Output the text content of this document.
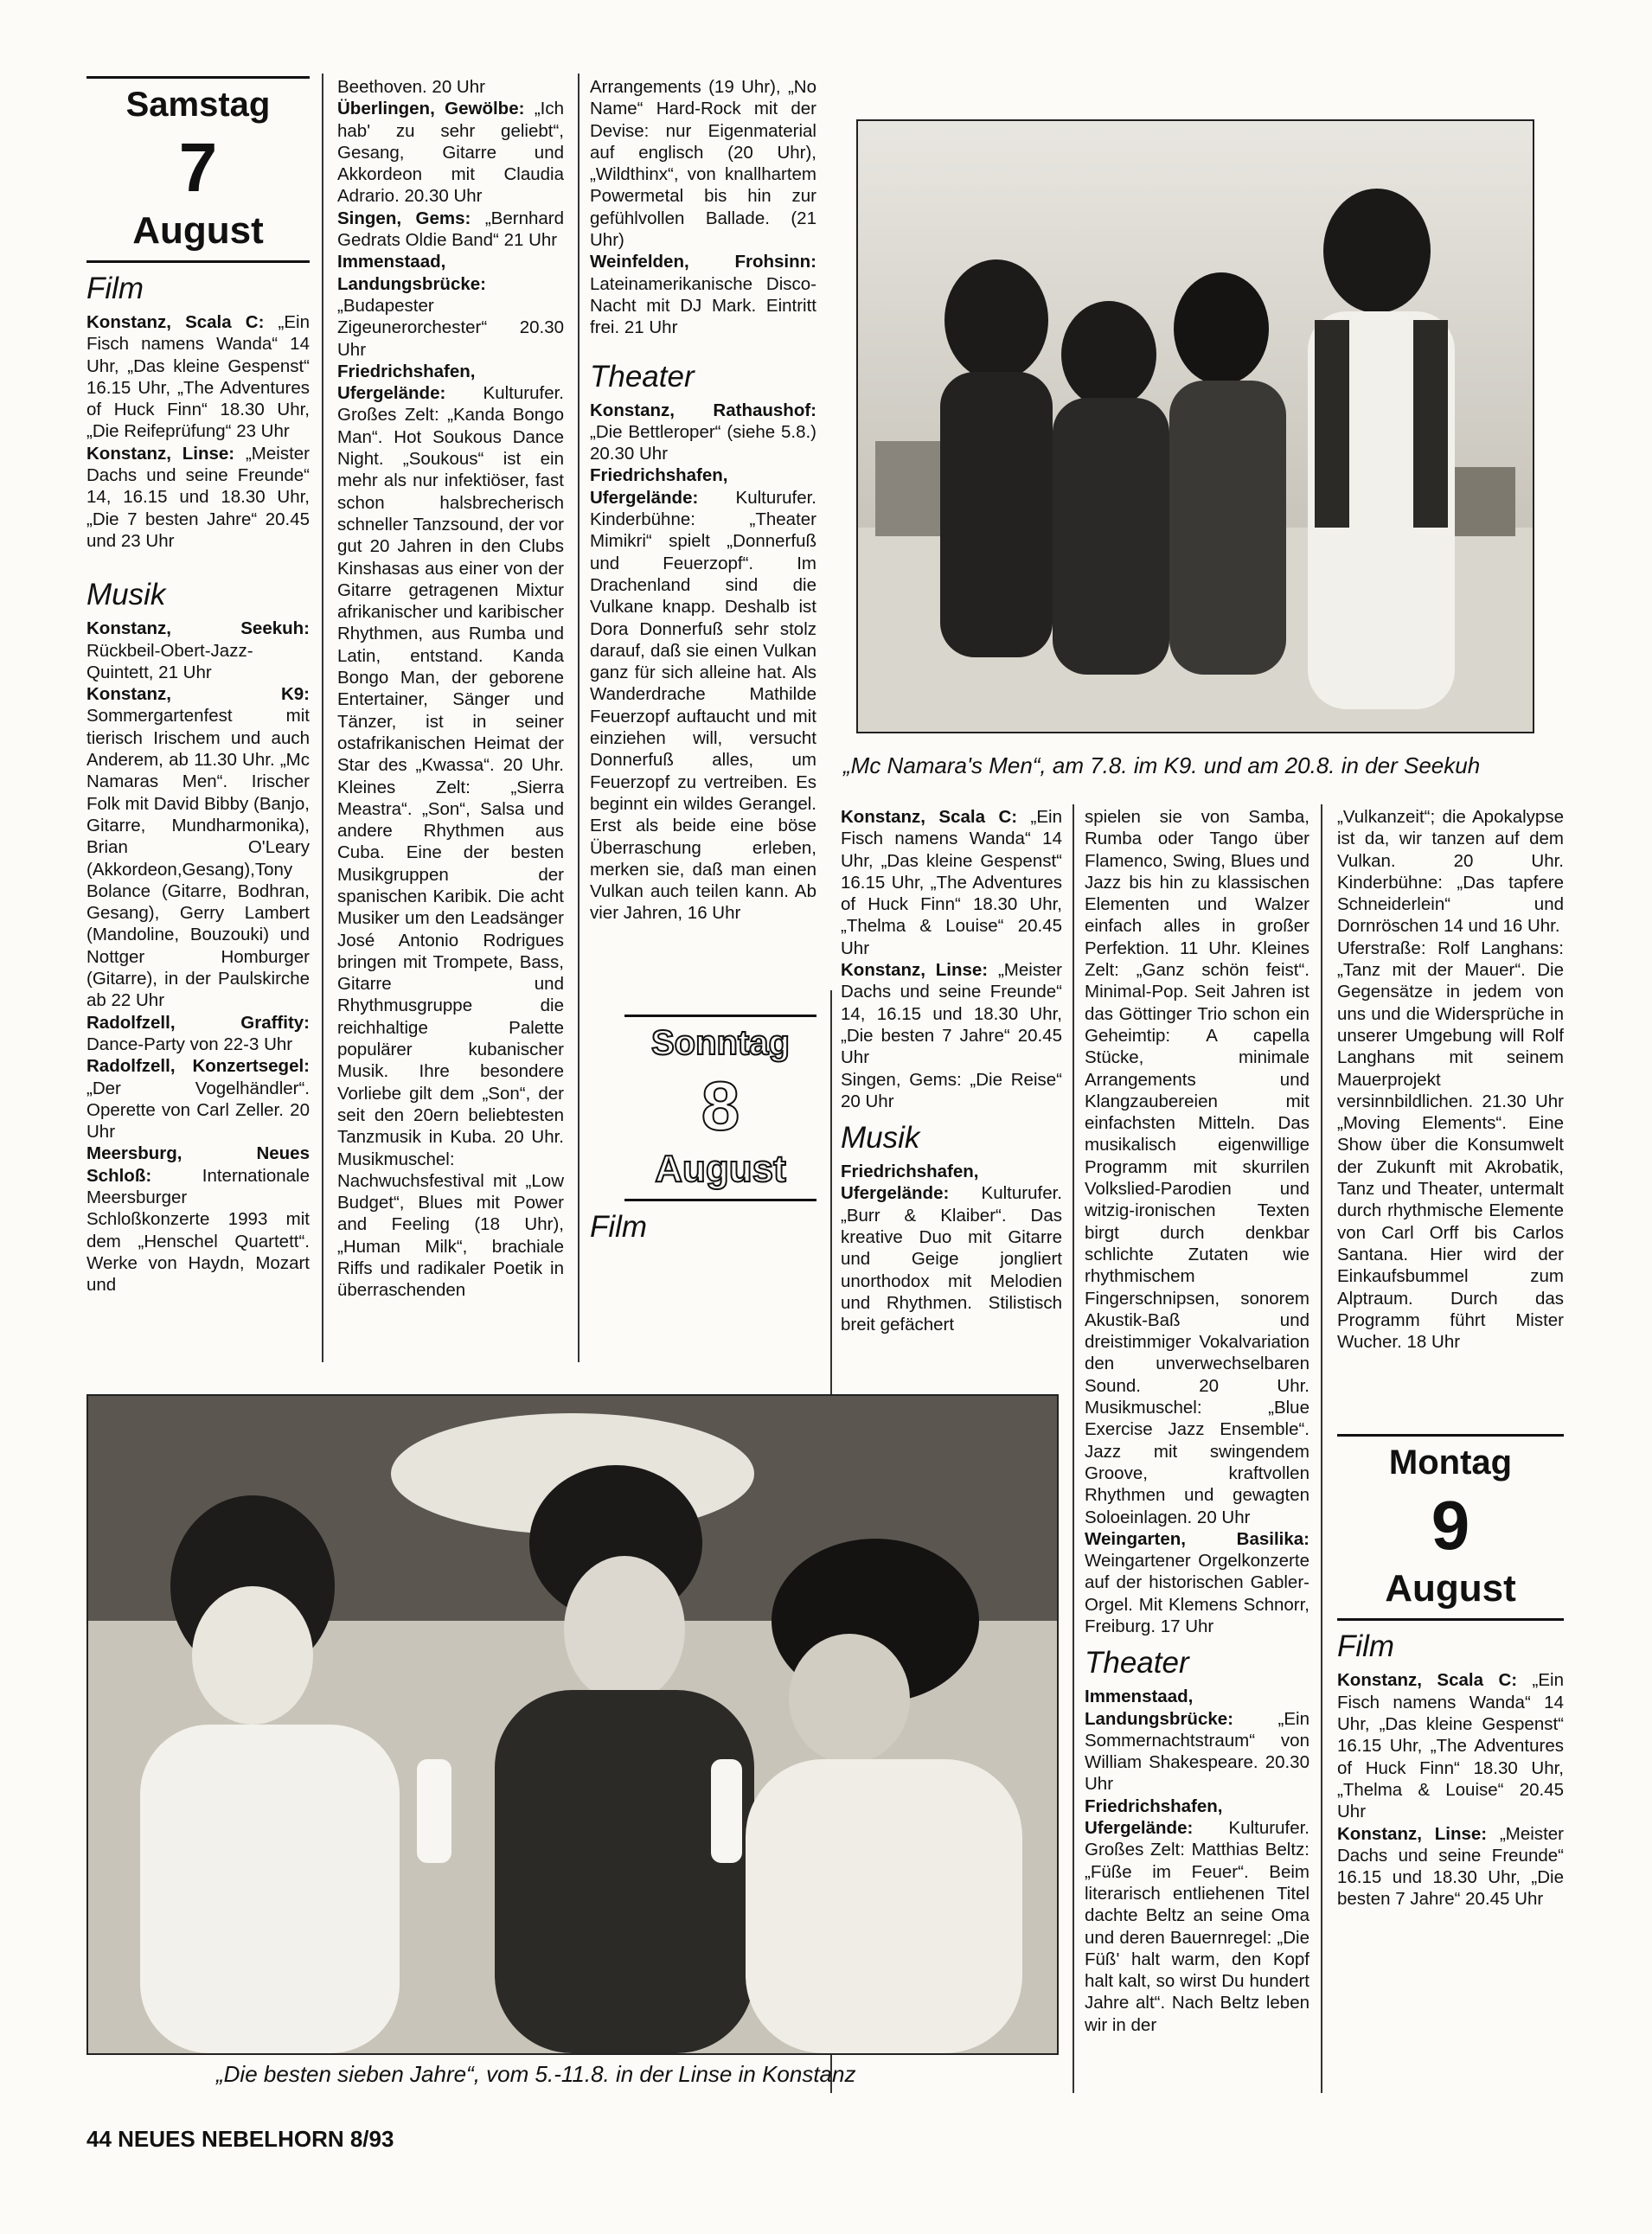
Samstag
7
August
Film

Konstanz, Scala C: „Ein Fisch namens Wanda“ 14 Uhr, „Das kleine Gespenst“ 16.15 Uhr, „The Adventures of Huck Finn“ 18.30 Uhr, „Die Reifeprüfung“ 23 Uhr

Konstanz, Linse: „Meister Dachs und seine Freunde“ 14, 16.15 und 18.30 Uhr, „Die 7 besten Jahre“ 20.45 und 23 Uhr

Musik

Konstanz, Seekuh: Rückbeil-Obert-Jazz-Quintett, 21 Uhr

Konstanz, K9: Sommergartenfest mit tierisch Irischem und auch Anderem, ab 11.30 Uhr. „Mc Namaras Men“. Irischer Folk mit David Bibby (Banjo, Gitarre, Mundharmonika), Brian O'Leary (Akkordeon,Gesang),Tony Bolance (Gitarre, Bodhran, Gesang), Gerry Lambert (Mandoline, Bouzouki) und Nottger Homburger (Gitarre), in der Paulskirche ab 22 Uhr

Radolfzell, Graffity: Dance-Party von 22-3 Uhr

Radolfzell, Konzertsegel: „Der Vogelhändler“. Operette von Carl Zeller. 20 Uhr

Meersburg, Neues Schloß: Internationale Meersburger Schloßkonzerte 1993 mit dem „Henschel Quartett“. Werke von Haydn, Mozart und

Beethoven. 20 Uhr

Überlingen, Gewölbe: „Ich hab' zu sehr geliebt“, Gesang, Gitarre und Akkordeon mit Claudia Adrario. 20.30 Uhr

Singen, Gems: „Bernhard Gedrats Oldie Band“ 21 Uhr

Immenstaad, Landungsbrücke: „Budapester Zigeunerorchester“ 20.30 Uhr

Friedrichshafen, Ufergelände: Kulturufer. Großes Zelt: „Kanda Bongo Man“. Hot Soukous Dance Night. „Soukous“ ist ein mehr als nur infektiöser, fast schon halsbrecherisch schneller Tanzsound, der vor gut 20 Jahren in den Clubs Kinshasas aus einer von der Gitarre getragenen Mixtur afrikanischer und karibischer Rhythmen, aus Rumba und Latin, entstand. Kanda Bongo Man, der geborene Entertainer, Sänger und Tänzer, ist in seiner ostafrikanischen Heimat der Star des „Kwassa“. 20 Uhr. Kleines Zelt: „Sierra Meastra“. „Son“, Salsa und andere Rhythmen aus Cuba. Eine der besten Musikgruppen der spanischen Karibik. Die acht Musiker um den Leadsänger José Antonio Rodrigues bringen mit Trompete, Bass, Gitarre und Rhythmusgruppe die reichhaltige Palette populärer kubanischer Musik. Ihre besondere Vorliebe gilt dem „Son“, der seit den 20ern beliebtesten Tanzmusik in Kuba. 20 Uhr. Musikmuschel: Nachwuchsfestival mit „Low Budget“, Blues mit Power and Feeling (18 Uhr), „Human Milk“, brachiale Riffs und radikaler Poetik in überraschenden

Arrangements (19 Uhr), „No Name“ Hard-Rock mit der Devise: nur Eigenmaterial auf englisch (20 Uhr), „Wildthinx“, von knallhartem Powermetal bis hin zur gefühlvollen Ballade. (21 Uhr)

Weinfelden, Frohsinn: Lateinamerikanische Disco-Nacht mit DJ Mark. Eintritt frei. 21 Uhr

Theater

Konstanz, Rathaushof: „Die Bettleroper“ (siehe 5.8.) 20.30 Uhr

Friedrichshafen, Ufergelände: Kulturufer. Kinderbühne: „Theater Mimikri“ spielt „Donnerfuß und Feuerzopf“. Im Drachenland sind die Vulkane knapp. Deshalb ist Dora Donnerfuß sehr stolz darauf, daß sie einen Vulkan ganz für sich alleine hat. Als Wanderdrache Mathilde Feuerzopf auftaucht und mit einziehen will, versucht Donnerfuß alles, um Feuerzopf zu vertreiben. Es beginnt ein wildes Gerangel. Erst als beide eine böse Überraschung erleben, merken sie, daß man einen Vulkan auch teilen kann. Ab vier Jahren, 16 Uhr

Sonntag
8
August
Film
„Mc Namara's Men“, am 7.8. im K9. und am 20.8. in der Seekuh

Konstanz, Scala C: „Ein Fisch namens Wanda“ 14 Uhr, „Das kleine Gespenst“ 16.15 Uhr, „The Adventures of Huck Finn“ 18.30 Uhr, „Thelma & Louise“ 20.45 Uhr

Konstanz, Linse: „Meister Dachs und seine Freunde“ 14, 16.15 und 18.30 Uhr, „Die besten 7 Jahre“ 20.45 Uhr

Singen, Gems: „Die Reise“ 20 Uhr

Musik

Friedrichshafen, Ufergelände: Kulturufer. „Burr & Klaiber“. Das kreative Duo mit Gitarre und Geige jongliert unorthodox mit Melodien und Rhythmen. Stilistisch breit gefächert

spielen sie von Samba, Rumba oder Tango über Flamenco, Swing, Blues und Jazz bis hin zu klassischen Elementen und Walzer einfach alles in großer Perfektion. 11 Uhr. Kleines Zelt: „Ganz schön feist“. Minimal-Pop. Seit Jahren ist das Göttinger Trio schon ein Geheimtip: A capella Stücke, minimale Arrangements und Klangzaubereien mit einfachsten Mitteln. Das musikalisch eigenwillige Programm mit skurrilen Volkslied-Parodien und witzig-ironischen Texten birgt durch denkbar schlichte Zutaten wie rhythmischem Fingerschnipsen, sonorem Akustik-Baß und dreistimmiger Vokalvariation den unverwechselbaren Sound. 20 Uhr. Musikmuschel: „Blue Exercise Jazz Ensemble“. Jazz mit swingendem Groove, kraftvollen Rhythmen und gewagten Soloeinlagen. 20 Uhr

Weingarten, Basilika: Weingartener Orgelkonzerte auf der historischen Gabler-Orgel. Mit Klemens Schnorr, Freiburg. 17 Uhr

Theater

Immenstaad, Landungsbrücke: „Ein Sommernachtstraum“ von William Shakespeare. 20.30 Uhr

Friedrichshafen, Ufergelände: Kulturufer. Großes Zelt: Matthias Beltz: „Füße im Feuer“. Beim literarisch entliehenen Titel dachte Beltz an seine Oma und deren Bauernregel: „Die Füß' halt warm, den Kopf halt kalt, so wirst Du hundert Jahre alt“. Nach Beltz leben wir in der

„Vulkanzeit“; die Apokalypse ist da, wir tanzen auf dem Vulkan. 20 Uhr. Kinderbühne: „Das tapfere Schneiderlein“ und Dornröschen 14 und 16 Uhr.

Uferstraße: Rolf Langhans: „Tanz mit der Mauer“. Die Gegensätze in jedem von uns und die Widersprüche in unserer Umgebung will Rolf Langhans mit seinem Mauerprojekt versinnbildlichen. 21.30 Uhr „Moving Elements“. Eine Show über die Konsumwelt der Zukunft mit Akrobatik, Tanz und Theater, untermalt durch rhythmische Elemente von Carl Orff bis Carlos Santana. Hier wird der Einkaufsbummel zum Alptraum. Durch das Programm führt Mister Wucher. 18 Uhr

Montag
9
August
Film

Konstanz, Scala C: „Ein Fisch namens Wanda“ 14 Uhr, „Das kleine Gespenst“ 16.15 Uhr, „The Adventures of Huck Finn“ 18.30 Uhr, „Thelma & Louise“ 20.45 Uhr

Konstanz, Linse: „Meister Dachs und seine Freunde“ 16.15 und 18.30 Uhr, „Die besten 7 Jahre“ 20.45 Uhr

„Die besten sieben Jahre“, vom 5.-11.8. in der Linse in Konstanz
44 NEUES NEBELHORN 8/93
